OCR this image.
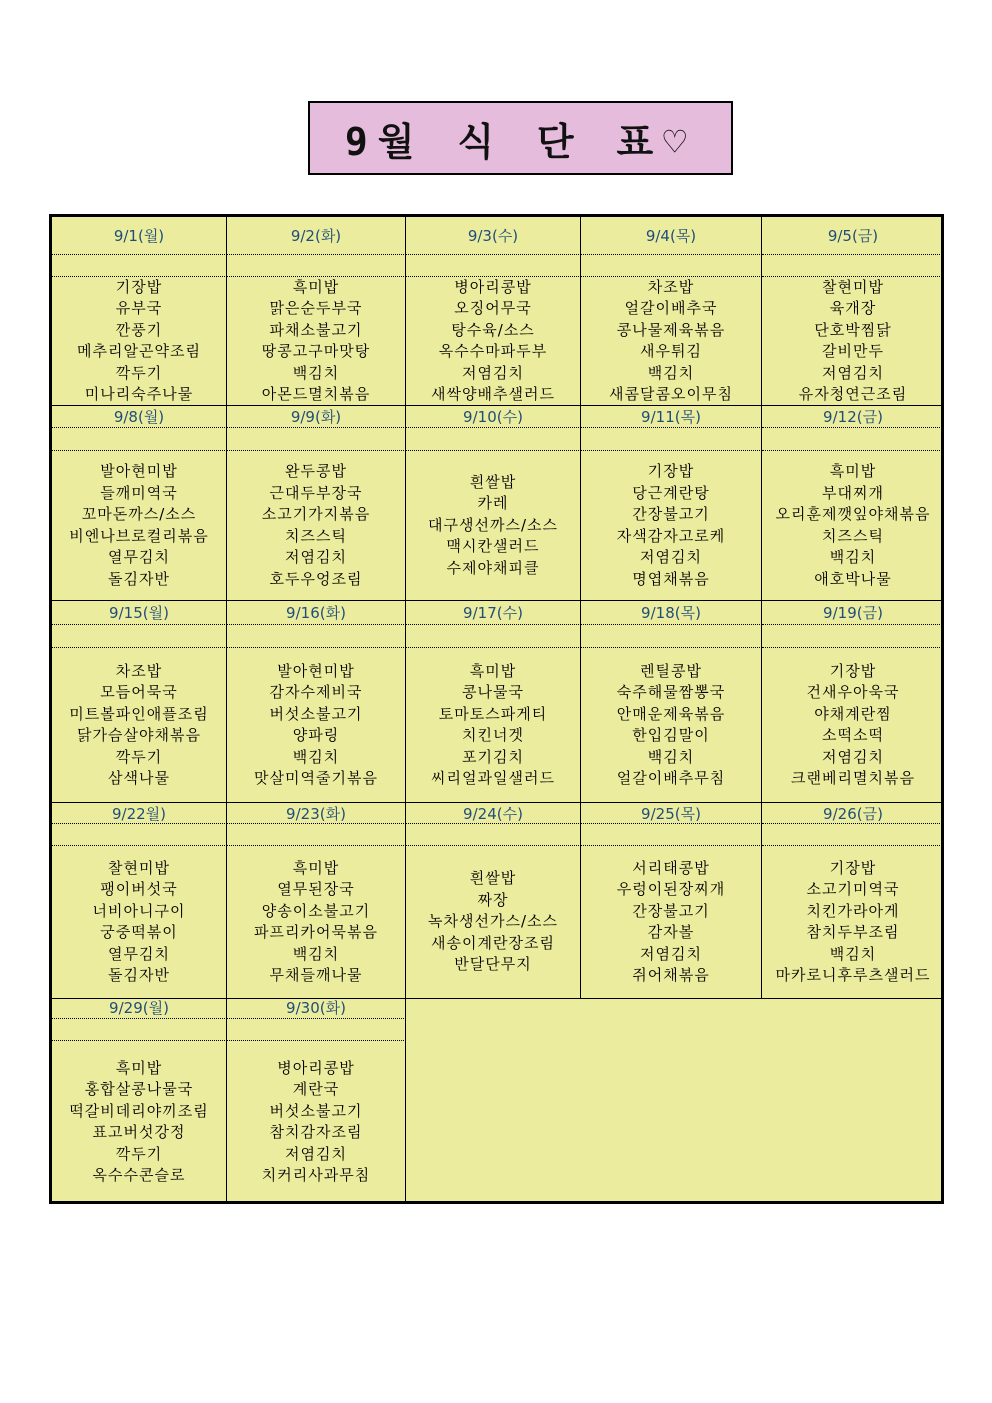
9월 식 단 표♡
9/1(월)
기장밥
유부국
깐풍기
메추리알곤약조림
깍두기
미나리숙주나물
9/2(화)
흑미밥
맑은순두부국
파채소불고기
땅콩고구마맛탕
백김치
아몬드멸치볶음
9/3(수)
병아리콩밥
오징어무국
탕수육/소스
옥수수마파두부
저염김치
새싹양배추샐러드
9/4(목)
차조밥
얼갈이배추국
콩나물제육볶음
새우튀김
백김치
새콤달콤오이무침
9/5(금)
찰현미밥
육개장
단호박찜닭
갈비만두
저염김치
유자청연근조림
9/8(월)
발아현미밥
들깨미역국
꼬마돈까스/소스
비엔나브로컬리볶음
열무김치
돌김자반
9/9(화)
완두콩밥
근대두부장국
소고기가지볶음
치즈스틱
저염김치
호두우엉조림
9/10(수)
흰쌀밥
카레
대구생선까스/소스
맥시칸샐러드
수제야채피클
9/11(목)
기장밥
당근계란탕
간장불고기
자색감자고로케
저염김치
명엽채볶음
9/12(금)
흑미밥
부대찌개
오리훈제깻잎야채볶음
치즈스틱
백김치
애호박나물
9/15(월)
차조밥
모듬어묵국
미트볼파인애플조림
닭가슴살야채볶음
깍두기
삼색나물
9/16(화)
발아현미밥
감자수제비국
버섯소불고기
양파링
백김치
맛살미역줄기볶음
9/17(수)
흑미밥
콩나물국
토마토스파게티
치킨너겟
포기김치
씨리얼과일샐러드
9/18(목)
렌틸콩밥
숙주해물짬뽕국
안매운제육볶음
한입김말이
백김치
얼갈이배추무침
9/19(금)
기장밥
건새우아욱국
야채계란찜
소떡소떡
저염김치
크랜베리멸치볶음
9/22월)
찰현미밥
팽이버섯국
너비아니구이
궁중떡볶이
열무김치
돌김자반
9/23(화)
흑미밥
열무된장국
양송이소불고기
파프리카어묵볶음
백김치
무채들깨나물
9/24(수)
흰쌀밥
짜장
녹차생선가스/소스
새송이계란장조림
반달단무지
9/25(목)
서리태콩밥
우렁이된장찌개
간장불고기
감자볼
저염김치
쥐어채볶음
9/26(금)
기장밥
소고기미역국
치킨가라아게
참치두부조림
백김치
마카로니후루츠샐러드
9/29(월)
흑미밥
홍합살콩나물국
떡갈비데리야끼조림
표고버섯강정
깍두기
옥수수콘슬로
9/30(화)
병아리콩밥
계란국
버섯소불고기
참치감자조림
저염김치
치커리사과무침
